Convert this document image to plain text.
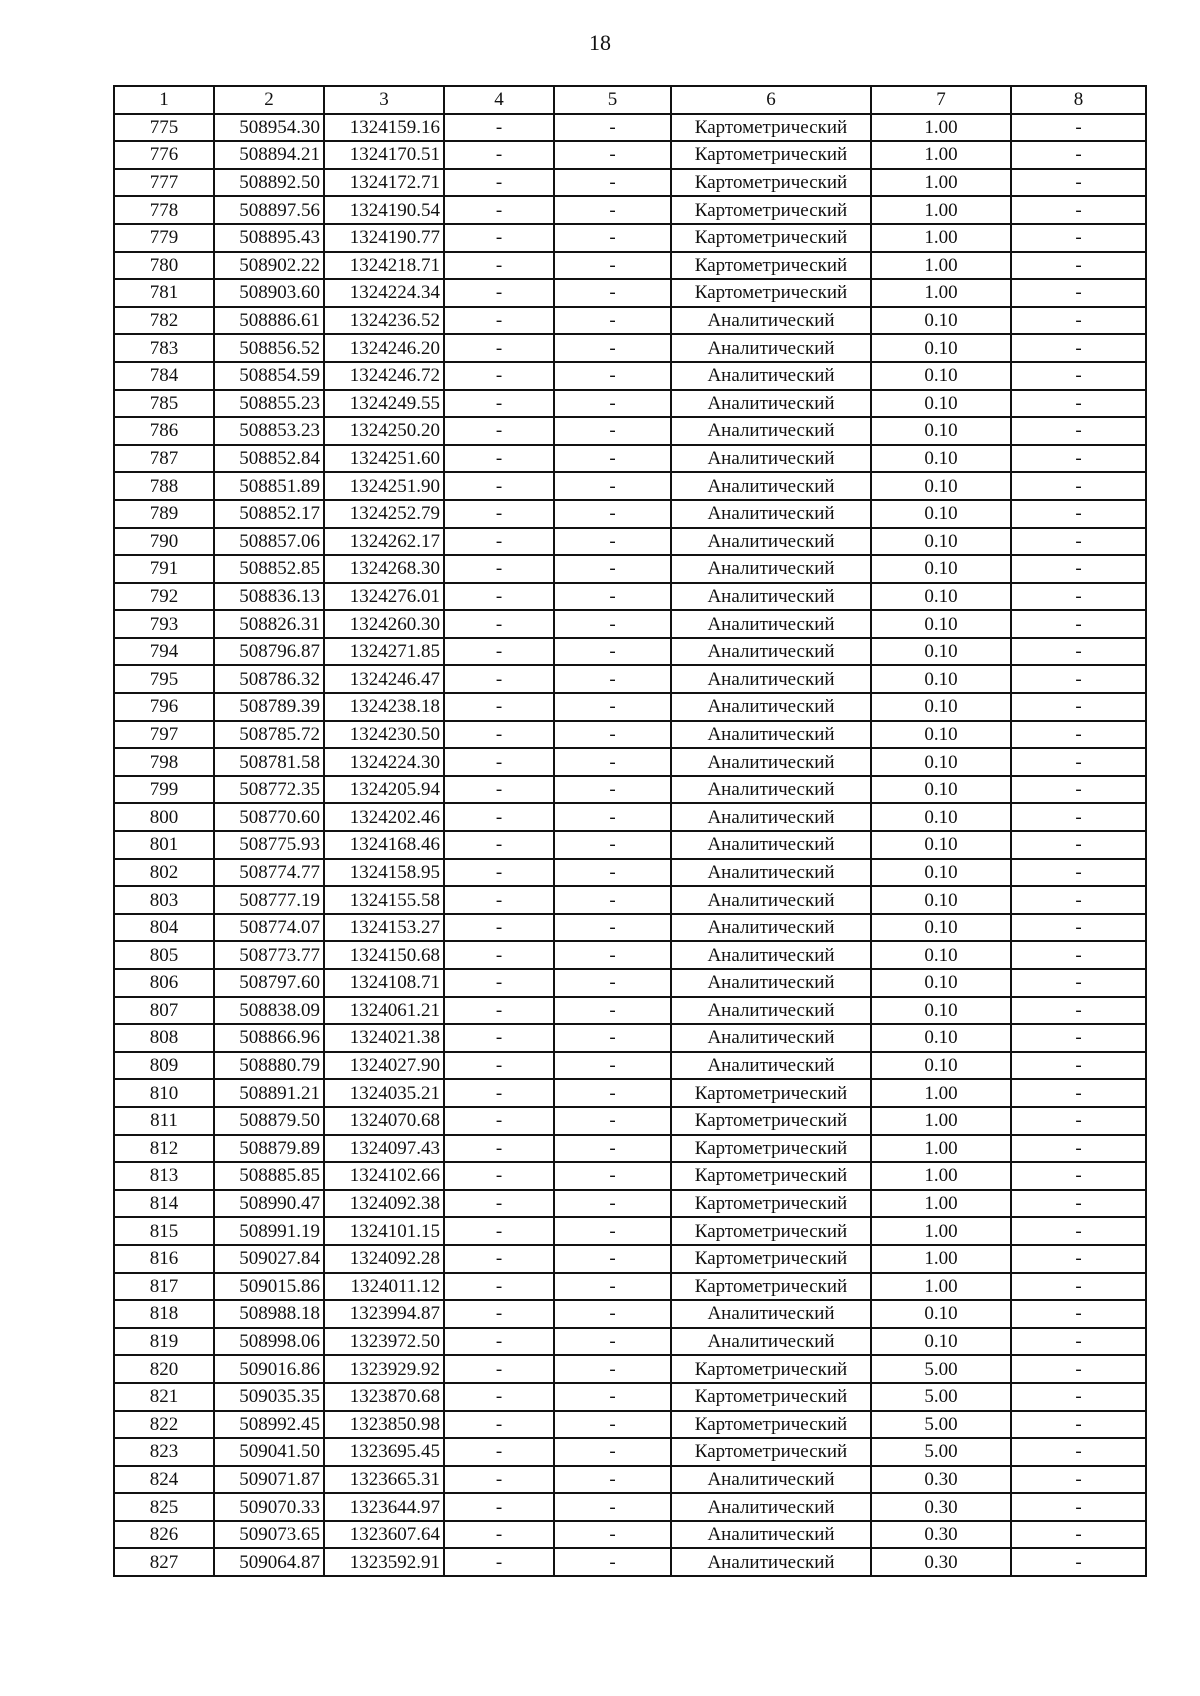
18
1	2	3	4	5	6	7	8
775	508954.30	1324159.16	-	-	Картометрический	1.00	-
776	508894.21	1324170.51	-	-	Картометрический	1.00	-
777	508892.50	1324172.71	-	-	Картометрический	1.00	-
778	508897.56	1324190.54	-	-	Картометрический	1.00	-
779	508895.43	1324190.77	-	-	Картометрический	1.00	-
780	508902.22	1324218.71	-	-	Картометрический	1.00	-
781	508903.60	1324224.34	-	-	Картометрический	1.00	-
782	508886.61	1324236.52	-	-	Аналитический	0.10	-
783	508856.52	1324246.20	-	-	Аналитический	0.10	-
784	508854.59	1324246.72	-	-	Аналитический	0.10	-
785	508855.23	1324249.55	-	-	Аналитический	0.10	-
786	508853.23	1324250.20	-	-	Аналитический	0.10	-
787	508852.84	1324251.60	-	-	Аналитический	0.10	-
788	508851.89	1324251.90	-	-	Аналитический	0.10	-
789	508852.17	1324252.79	-	-	Аналитический	0.10	-
790	508857.06	1324262.17	-	-	Аналитический	0.10	-
791	508852.85	1324268.30	-	-	Аналитический	0.10	-
792	508836.13	1324276.01	-	-	Аналитический	0.10	-
793	508826.31	1324260.30	-	-	Аналитический	0.10	-
794	508796.87	1324271.85	-	-	Аналитический	0.10	-
795	508786.32	1324246.47	-	-	Аналитический	0.10	-
796	508789.39	1324238.18	-	-	Аналитический	0.10	-
797	508785.72	1324230.50	-	-	Аналитический	0.10	-
798	508781.58	1324224.30	-	-	Аналитический	0.10	-
799	508772.35	1324205.94	-	-	Аналитический	0.10	-
800	508770.60	1324202.46	-	-	Аналитический	0.10	-
801	508775.93	1324168.46	-	-	Аналитический	0.10	-
802	508774.77	1324158.95	-	-	Аналитический	0.10	-
803	508777.19	1324155.58	-	-	Аналитический	0.10	-
804	508774.07	1324153.27	-	-	Аналитический	0.10	-
805	508773.77	1324150.68	-	-	Аналитический	0.10	-
806	508797.60	1324108.71	-	-	Аналитический	0.10	-
807	508838.09	1324061.21	-	-	Аналитический	0.10	-
808	508866.96	1324021.38	-	-	Аналитический	0.10	-
809	508880.79	1324027.90	-	-	Аналитический	0.10	-
810	508891.21	1324035.21	-	-	Картометрический	1.00	-
811	508879.50	1324070.68	-	-	Картометрический	1.00	-
812	508879.89	1324097.43	-	-	Картометрический	1.00	-
813	508885.85	1324102.66	-	-	Картометрический	1.00	-
814	508990.47	1324092.38	-	-	Картометрический	1.00	-
815	508991.19	1324101.15	-	-	Картометрический	1.00	-
816	509027.84	1324092.28	-	-	Картометрический	1.00	-
817	509015.86	1324011.12	-	-	Картометрический	1.00	-
818	508988.18	1323994.87	-	-	Аналитический	0.10	-
819	508998.06	1323972.50	-	-	Аналитический	0.10	-
820	509016.86	1323929.92	-	-	Картометрический	5.00	-
821	509035.35	1323870.68	-	-	Картометрический	5.00	-
822	508992.45	1323850.98	-	-	Картометрический	5.00	-
823	509041.50	1323695.45	-	-	Картометрический	5.00	-
824	509071.87	1323665.31	-	-	Аналитический	0.30	-
825	509070.33	1323644.97	-	-	Аналитический	0.30	-
826	509073.65	1323607.64	-	-	Аналитический	0.30	-
827	509064.87	1323592.91	-	-	Аналитический	0.30	-
